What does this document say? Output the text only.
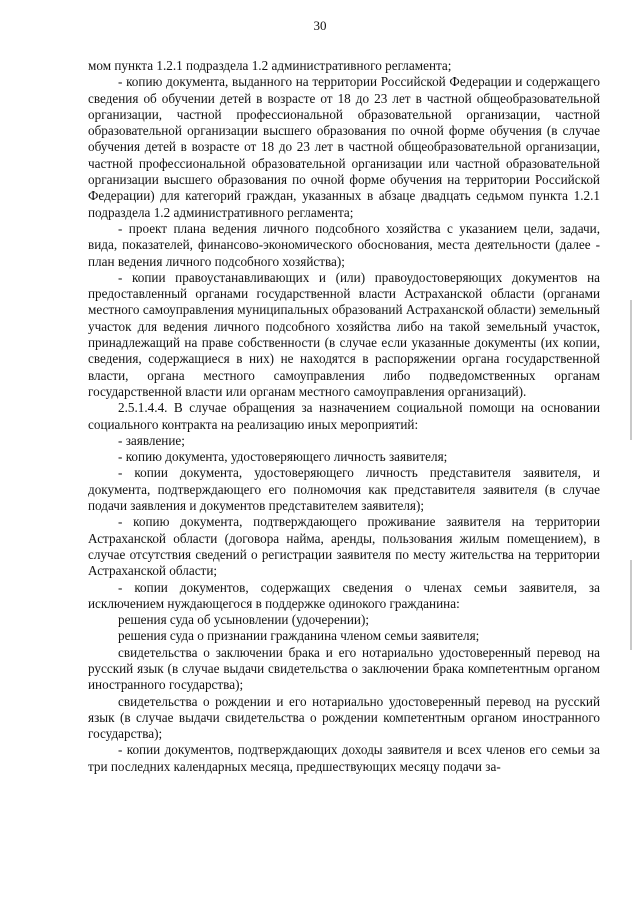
30

мом пункта 1.2.1 подраздела 1.2 административного регламента;

- копию документа, выданного на территории Российской Федерации и содержащего сведения об обучении детей в возрасте от 18 до 23 лет в частной общеобразовательной организации, частной профессиональной образовательной организации, частной образовательной организации высшего образования по очной форме обучения (в случае обучения детей в возрасте от 18 до 23 лет в частной общеобразовательной организации, частной профессиональной образовательной организации или частной образовательной организации высшего образования по очной форме обучения на территории Российской Федерации) для категорий граждан, указанных в абзаце двадцать седьмом пункта 1.2.1 подраздела 1.2 административного регламента;

- проект плана ведения личного подсобного хозяйства с указанием цели, задачи, вида, показателей, финансово-экономического обоснования, места деятельности (далее - план ведения личного подсобного хозяйства);

- копии правоустанавливающих и (или) правоудостоверяющих документов на предоставленный органами государственной власти Астраханской области (органами местного самоуправления муниципальных образований Астраханской области) земельный участок для ведения личного подсобного хозяйства либо на такой земельный участок, принадлежащий на праве собственности (в случае если указанные документы (их копии, сведения, содержащиеся в них) не находятся в распоряжении органа государственной власти, органа местного самоуправления либо подведомственных органам государственной власти или органам местного самоуправления организаций).

2.5.1.4.4. В случае обращения за назначением социальной помощи на основании социального контракта на реализацию иных мероприятий:

- заявление;

- копию документа, удостоверяющего личность заявителя;

- копии документа, удостоверяющего личность представителя заявителя, и документа, подтверждающего его полномочия как представителя заявителя (в случае подачи заявления и документов представителем заявителя);

- копию документа, подтверждающего проживание заявителя на территории Астраханской области (договора найма, аренды, пользования жилым помещением), в случае отсутствия сведений о регистрации заявителя по месту жительства на территории Астраханской области;

- копии документов, содержащих сведения о членах семьи заявителя, за исключением нуждающегося в поддержке одинокого гражданина:

решения суда об усыновлении (удочерении);

решения суда о признании гражданина членом семьи заявителя;

свидетельства о заключении брака и его нотариально удостоверенный перевод на русский язык (в случае выдачи свидетельства о заключении брака компетентным органом иностранного государства);

свидетельства о рождении и его нотариально удостоверенный перевод на русский язык (в случае выдачи свидетельства о рождении компетентным органом иностранного государства);

- копии документов, подтверждающих доходы заявителя и всех членов его семьи за три последних календарных месяца, предшествующих месяцу подачи за-
